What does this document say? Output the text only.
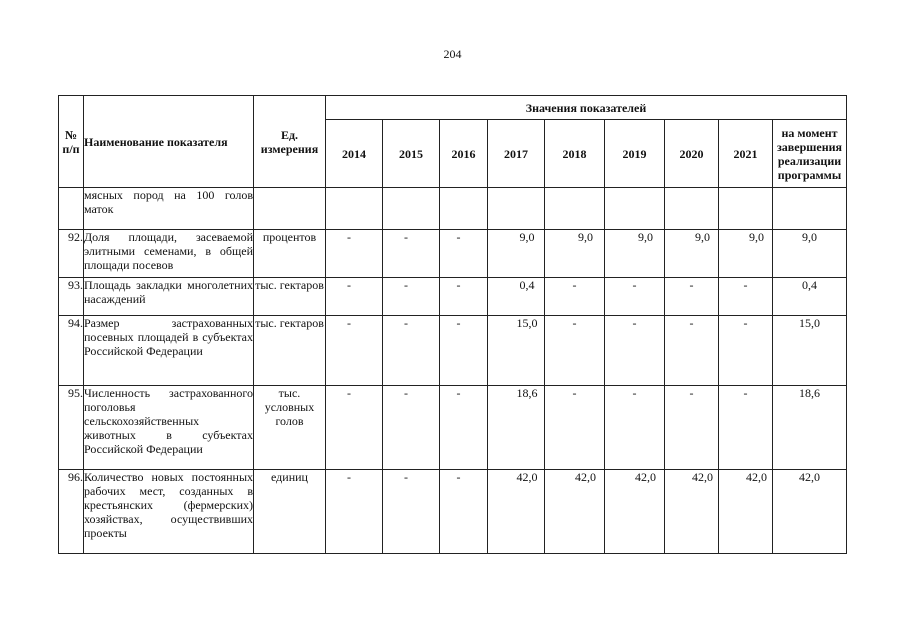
204
№ п/п	Наименование показателя	Ед. измерения	Значения показателей								
			2014	2015	2016	2017	2018	2019	2020	2021	на момент завершения реализации программы
	мясных пород на 100 голов маток										
92.	Доля площади, засеваемой элитными семенами, в общей площади посевов	процентов	-	-	-	9,0	9,0	9,0	9,0	9,0	9,0
93.	Площадь закладки многолетних насаждений	тыс. гектаров	-	-	-	0,4	-	-	-	-	0,4
94.	Размер застрахованных посевных площадей в субъектах Российской Федерации	тыс. гектаров	-	-	-	15,0	-	-	-	-	15,0
95.	Численность застрахованного поголовья сельскохозяйственных животных в субъектах Российской Федерации	тыс. условных голов	-	-	-	18,6	-	-	-	-	18,6
96.	Количество новых постоянных рабочих мест, созданных в крестьянских (фермерских) хозяйствах, осуществивших проекты	единиц	-	-	-	42,0	42,0	42,0	42,0	42,0	42,0
